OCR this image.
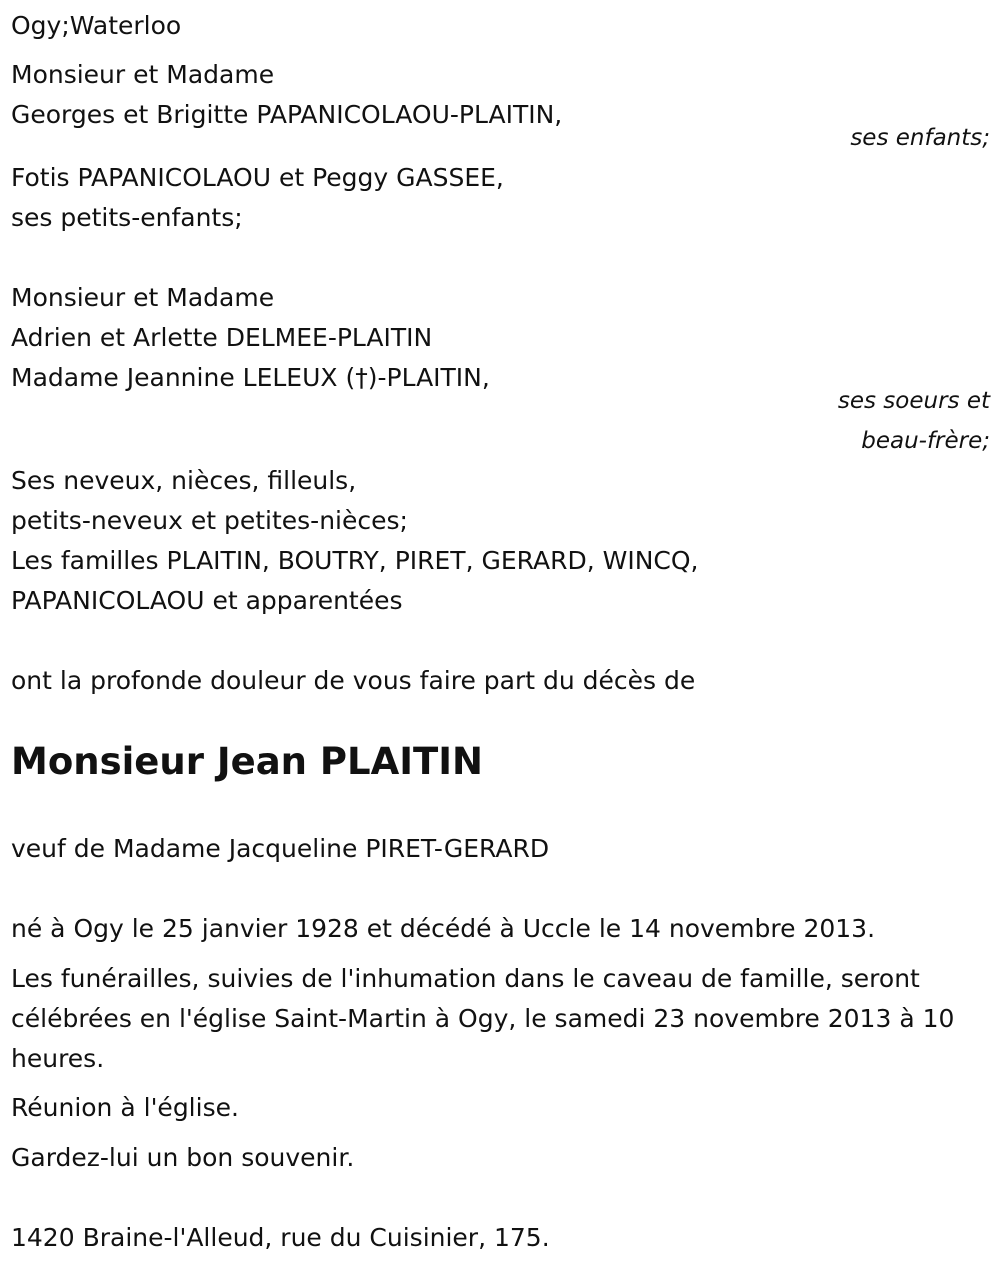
Ogy;Waterloo
Monsieur et Madame
Georges et Brigitte PAPANICOLAOU-PLAITIN,
ses enfants;
Fotis PAPANICOLAOU et Peggy GASSEE,
ses petits-enfants;
Monsieur et Madame
Adrien et Arlette DELMEE-PLAITIN
Madame Jeannine LELEUX (†)-PLAITIN,
ses soeurs et
beau-frère;
Ses neveux, nièces, filleuls,
petits-neveux et petites-nièces;
Les familles PLAITIN, BOUTRY, PIRET, GERARD, WINCQ,
PAPANICOLAOU et apparentées
ont la profonde douleur de vous faire part du décès de
Monsieur Jean PLAITIN
veuf de Madame Jacqueline PIRET-GERARD
né à Ogy le 25 janvier 1928 et décédé à Uccle le 14 novembre 2013.
Les funérailles, suivies de l'inhumation dans le caveau de famille, seront
célébrées en l'église Saint-Martin à Ogy, le samedi 23 novembre 2013 à 10
heures.
Réunion à l'église.
Gardez-lui un bon souvenir.
1420 Braine-l'Alleud, rue du Cuisinier, 175.
